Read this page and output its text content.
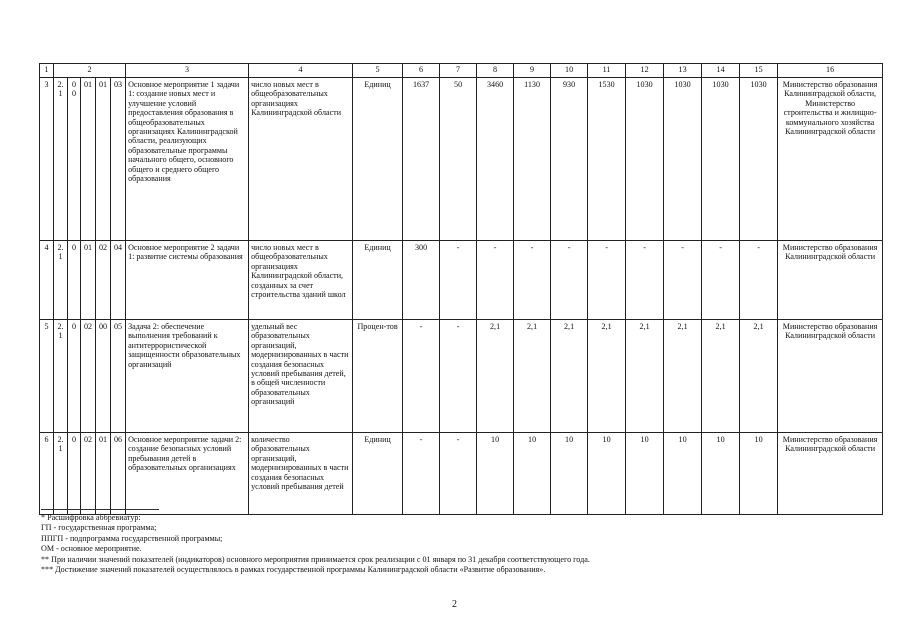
1	2					3	4	5	6	7	8	9	10	11	12	13	14	15	16
3	2.1	00	01	01	03	Основное мероприятие 1 задачи 1: создание новых мест и улучшение условий предоставления образования в общеобразовательных организациях Калининградской области, реализующих образовательные программы начального общего, основного общего и среднего общего образования	число новых мест в общеобразовательных организациях Калининградской области	Единиц	1637	50	3460	1130	930	1530	1030	1030	1030	1030	Министерство образования Калининградской области, Министерство строительства и жилищно-коммунального хозяйства Калининградской области
4	2.1	0	01	02	04	Основное мероприятие 2 задачи 1: развитие системы образования	число новых мест в общеобразовательных организациях Калининградской области, созданных за счет строительства зданий школ	Единиц	300	-	-	-	-	-	-	-	-	-	Министерство образования Калининградской области
5	2.1	0	02	00	05	Задача 2: обеспечение выполнения требований к антитеррористической защищенности образовательных организаций	удельный вес образовательных организаций, модернизированных в части создания безопасных условий пребывания детей, в общей численности образовательных организаций	Процен-тов	-	-	2,1	2,1	2,1	2,1	2,1	2,1	2,1	2,1	Министерство образования Калининградской области
6	2.1	0	02	01	06	Основное мероприятие задачи 2: создание безопасных условий пребывания детей в образовательных организациях	количество образовательных организаций, модернизированных в части создания безопасных условий пребывания детей	Единиц	-	-	10	10	10	10	10	10	10	10	Министерство образования Калининградской области
* Расшифровка аббревиатур:
ГП - государственная программа;
ППГП - подпрограмма государственной программы;
ОМ - основное мероприятие.
** При наличии значений показателей (индикаторов) основного мероприятия принимается срок реализации с 01 января по 31 декабря соответствующего года.
*** Достижение значений показателей осуществлялось в рамках государственной программы Калининградской области «Развитие образования».
2
